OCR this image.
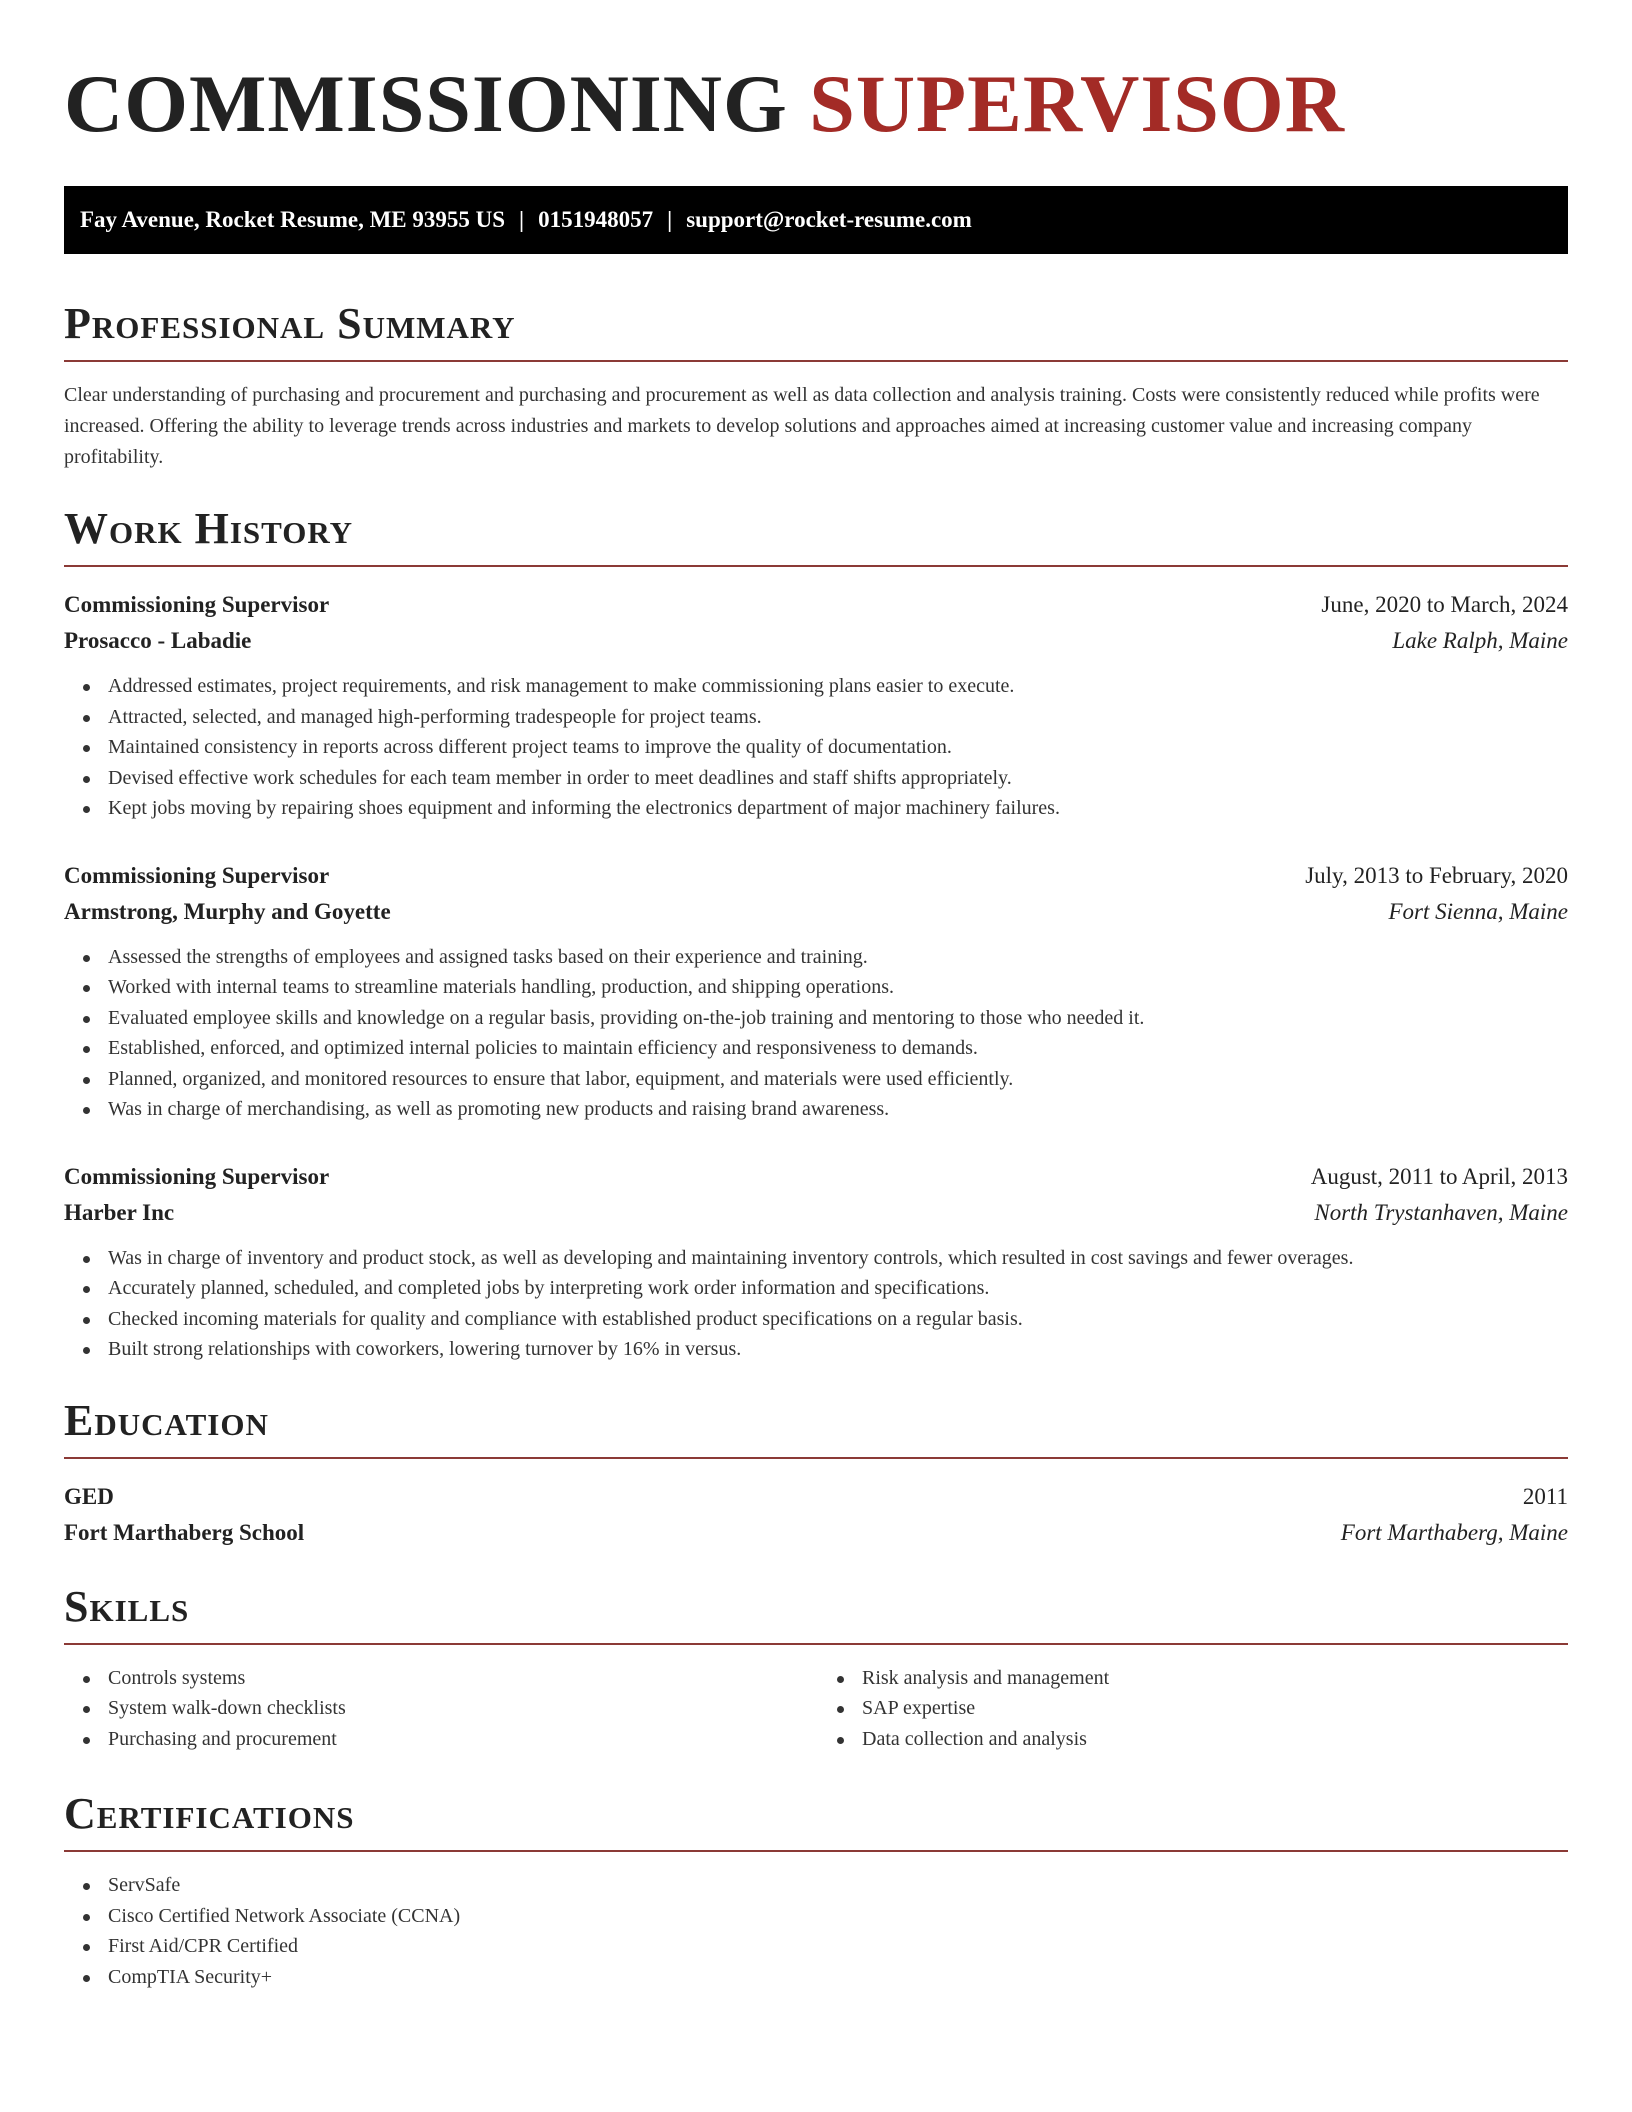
COMMISSIONING SUPERVISOR
Fay Avenue, Rocket Resume, ME 93955 US | 0151948057 | support@rocket-resume.com
Professional Summary

Clear understanding of purchasing and procurement and purchasing and procurement as well as data collection and analysis training. Costs were consistently reduced while profits were increased. Offering the ability to leverage trends across industries and markets to develop solutions and approaches aimed at increasing customer value and increasing company profitability.

Work History
Commissioning Supervisor	June, 2020 to March, 2024
Prosacco - Labadie	Lake Ralph, Maine
Addressed estimates, project requirements, and risk management to make commissioning plans easier to execute.
Attracted, selected, and managed high-performing tradespeople for project teams.
Maintained consistency in reports across different project teams to improve the quality of documentation.
Devised effective work schedules for each team member in order to meet deadlines and staff shifts appropriately.
Kept jobs moving by repairing shoes equipment and informing the electronics department of major machinery failures.
Commissioning Supervisor	July, 2013 to February, 2020
Armstrong, Murphy and Goyette	Fort Sienna, Maine
Assessed the strengths of employees and assigned tasks based on their experience and training.
Worked with internal teams to streamline materials handling, production, and shipping operations.
Evaluated employee skills and knowledge on a regular basis, providing on-the-job training and mentoring to those who needed it.
Established, enforced, and optimized internal policies to maintain efficiency and responsiveness to demands.
Planned, organized, and monitored resources to ensure that labor, equipment, and materials were used efficiently.
Was in charge of merchandising, as well as promoting new products and raising brand awareness.
Commissioning Supervisor	August, 2011 to April, 2013
Harber Inc	North Trystanhaven, Maine
Was in charge of inventory and product stock, as well as developing and maintaining inventory controls, which resulted in cost savings and fewer overages.
Accurately planned, scheduled, and completed jobs by interpreting work order information and specifications.
Checked incoming materials for quality and compliance with established product specifications on a regular basis.
Built strong relationships with coworkers, lowering turnover by 16% in versus.
Education
GED	2011
Fort Marthaberg School	Fort Marthaberg, Maine
Skills
Controls systems
System walk-down checklists
Purchasing and procurement
Risk analysis and management
SAP expertise
Data collection and analysis
Certifications
ServSafe
Cisco Certified Network Associate (CCNA)
First Aid/CPR Certified
CompTIA Security+
